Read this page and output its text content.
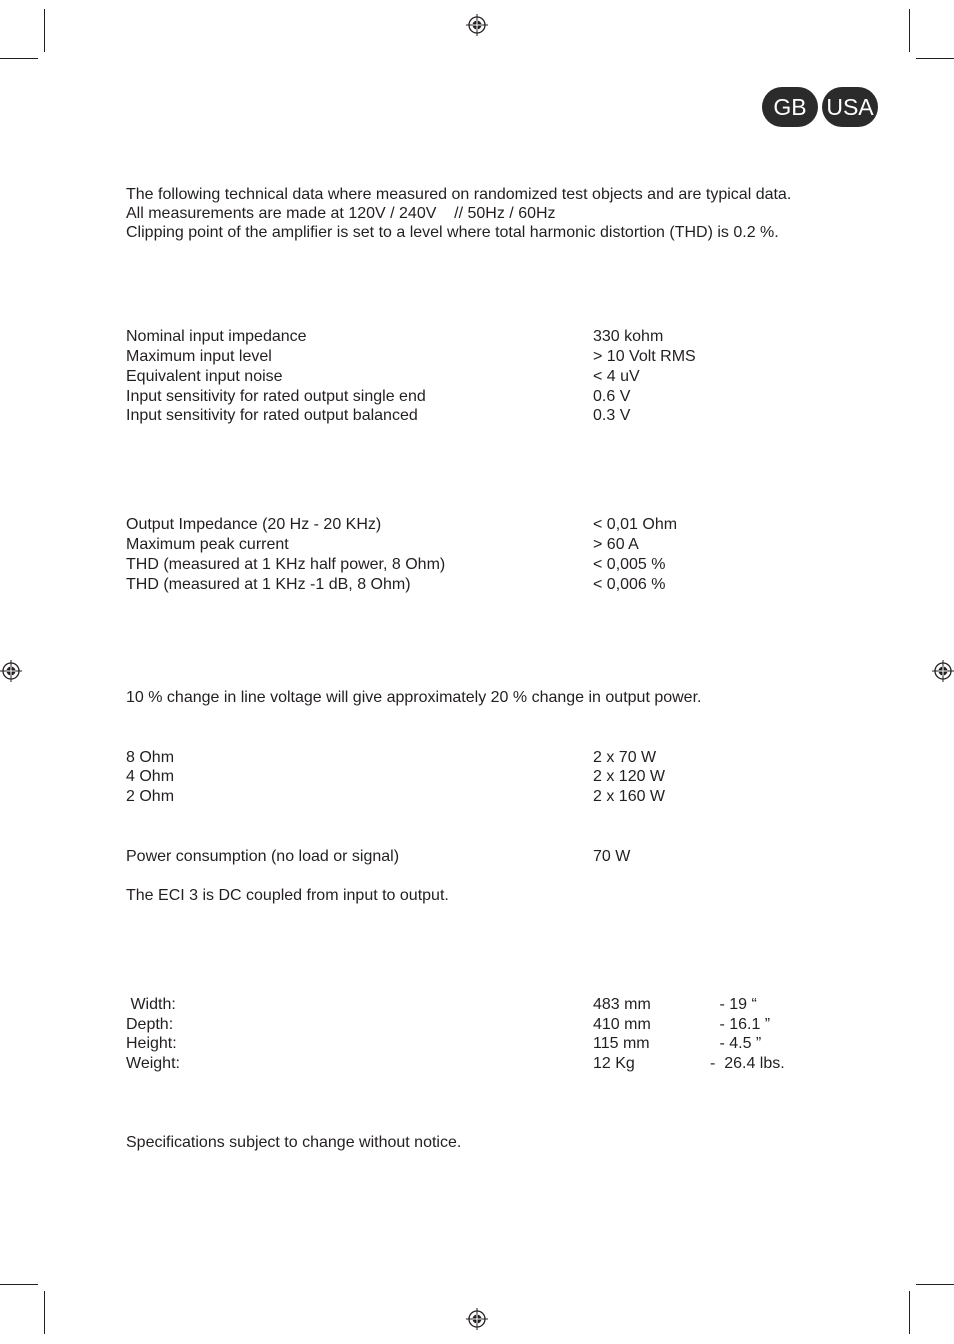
GB USA
The following technical data where measured on randomized test objects and are typical data.
All measurements are made at 120V / 240V    // 50Hz / 60Hz
Clipping point of the amplifier is set to a level where total harmonic distortion (THD) is 0.2 %.
Nominal input impedance	330 kohm
Maximum input level	> 10 Volt RMS
Equivalent input noise	< 4 uV
Input sensitivity for rated output single end	0.6 V
Input sensitivity for rated output balanced	0.3 V
Output Impedance (20 Hz - 20 KHz)	< 0,01 Ohm
Maximum peak current	> 60 A
THD (measured at 1 KHz half power, 8 Ohm)	< 0,005 %
THD (measured at 1 KHz -1 dB, 8 Ohm)	< 0,006 %
10 % change in line voltage will give approximately 20 % change in output power.
8 Ohm	2 x 70 W
4 Ohm	2 x 120 W
2 Ohm	2 x 160 W
Power consumption (no load or signal)	70 W
The ECI 3 is DC coupled from input to output.
Width:	483 mm	- 19 “
Depth:	410 mm	- 16.1 ”
Height:	115 mm	- 4.5 ”
Weight:	12 Kg	-  26.4 lbs.
Specifications subject to change without notice.
